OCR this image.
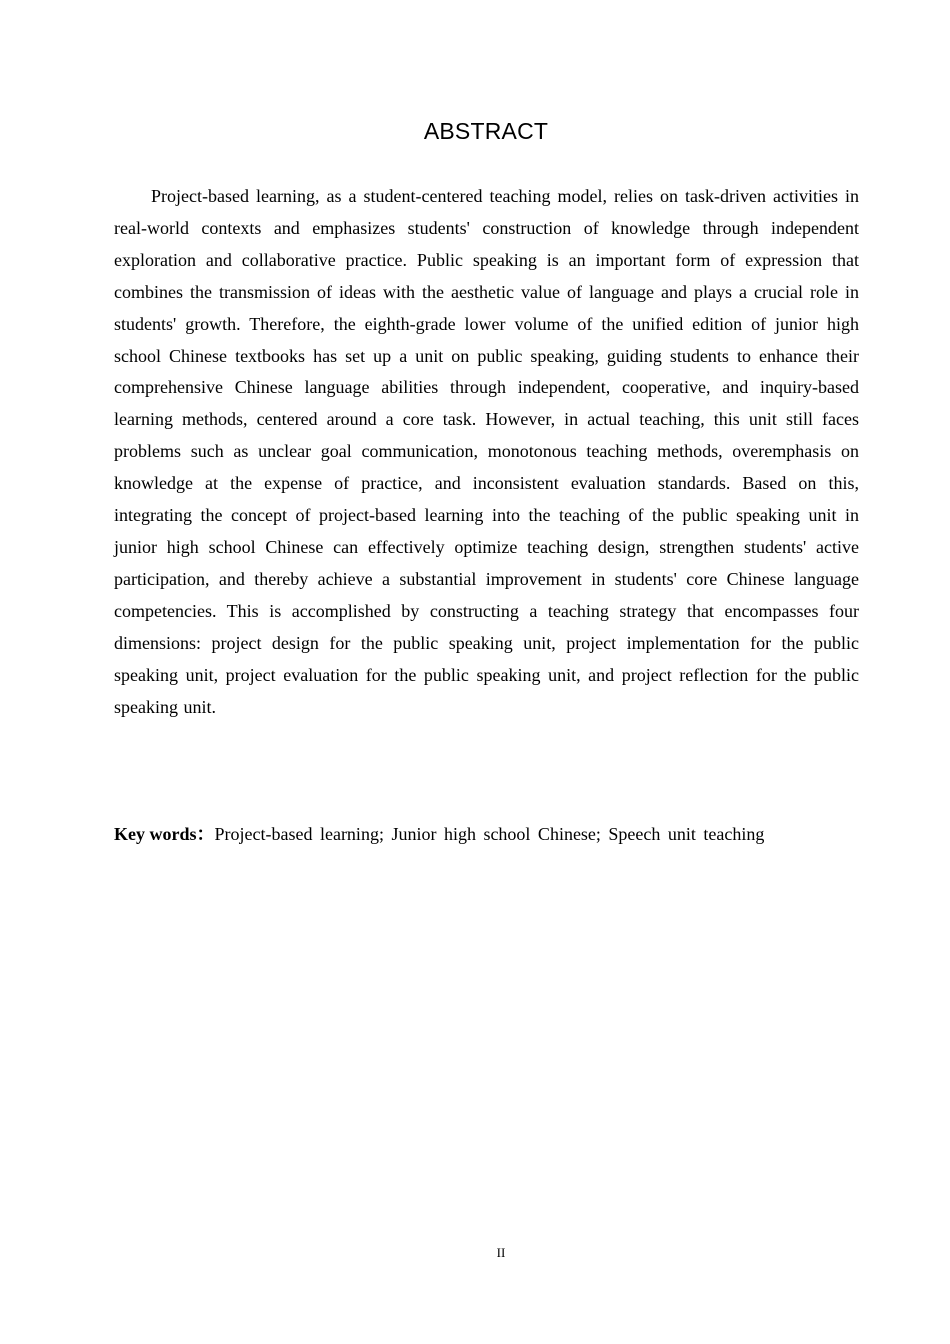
ABSTRACT

Project-based learning, as a student-centered teaching model, relies on task-driven activities in real-world contexts and emphasizes students' construction of knowledge through independent exploration and collaborative practice. Public speaking is an important form of expression that combines the transmission of ideas with the aesthetic value of language and plays a crucial role in students' growth. Therefore, the eighth-grade lower volume of the unified edition of junior high school Chinese textbooks has set up a unit on public speaking, guiding students to enhance their comprehensive Chinese language abilities through independent, cooperative, and inquiry-based learning methods, centered around a core task. However, in actual teaching, this unit still faces problems such as unclear goal communication, monotonous teaching methods, overemphasis on knowledge at the expense of practice, and inconsistent evaluation standards. Based on this, integrating the concept of project-based learning into the teaching of the public speaking unit in junior high school Chinese can effectively optimize teaching design, strengthen students' active participation, and thereby achieve a substantial improvement in students' core Chinese language competencies. This is accomplished by constructing a teaching strategy that encompasses four dimensions: project design for the public speaking unit, project implementation for the public speaking unit, project evaluation for the public speaking unit, and project reflection for the public speaking unit.

Key words：Project-based learning; Junior high school Chinese; Speech unit teaching

II
